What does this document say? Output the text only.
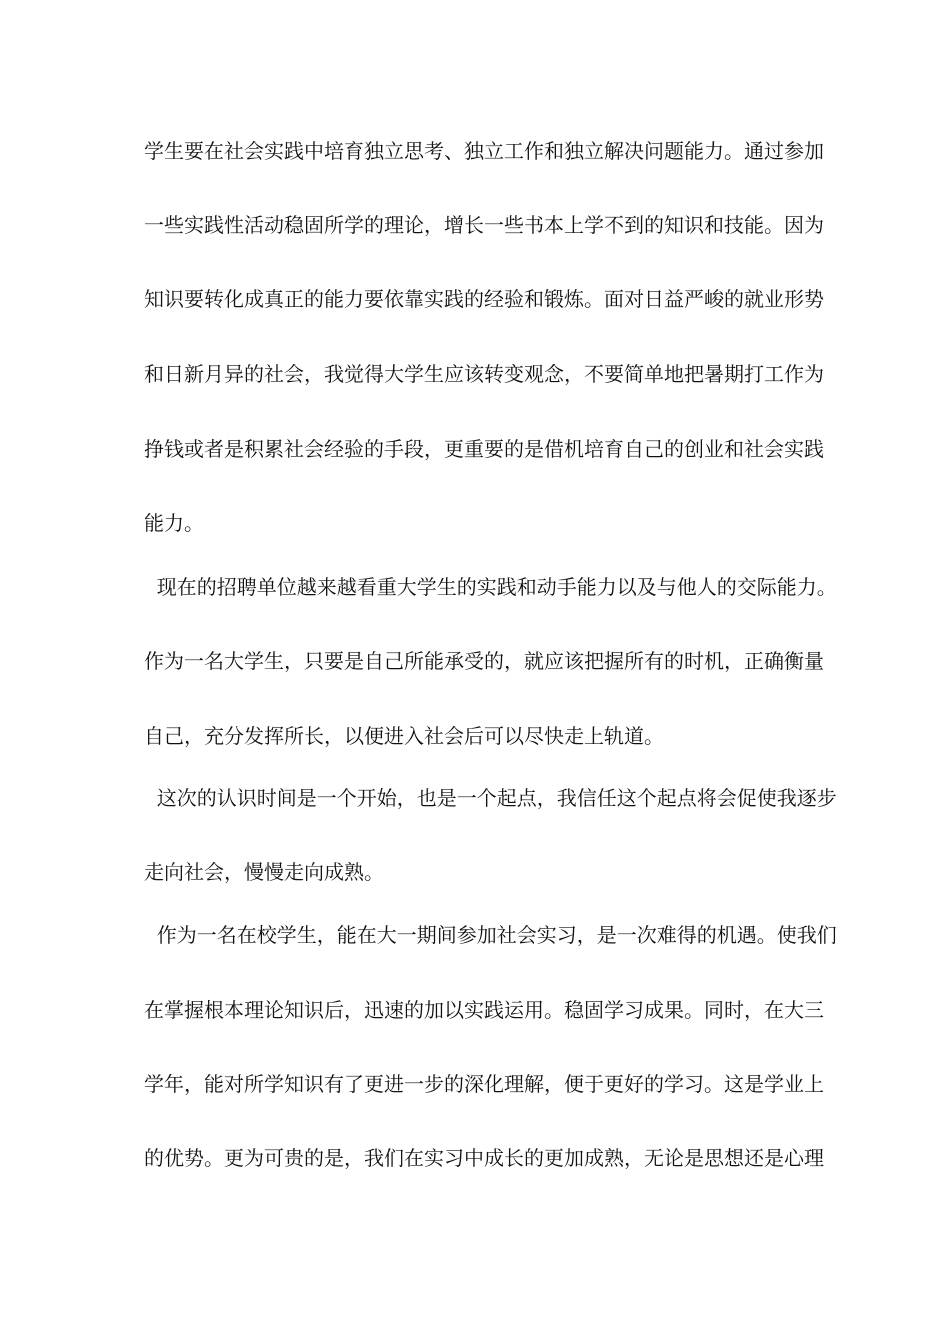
学生要在社会实践中培育独立思考、独立工作和独立解决问题能力。通过参加
一些实践性活动稳固所学的理论，增长一些书本上学不到的知识和技能。因为
知识要转化成真正的能力要依靠实践的经验和锻炼。面对日益严峻的就业形势
和日新月异的社会，我觉得大学生应该转变观念，不要简单地把暑期打工作为
挣钱或者是积累社会经验的手段，更重要的是借机培育自己的创业和社会实践
能力。
现在的招聘单位越来越看重大学生的实践和动手能力以及与他人的交际能力。
作为一名大学生，只要是自己所能承受的，就应该把握所有的时机，正确衡量
自己，充分发挥所长，以便进入社会后可以尽快走上轨道。
这次的认识时间是一个开始，也是一个起点，我信任这个起点将会促使我逐步
走向社会，慢慢走向成熟。
作为一名在校学生，能在大一期间参加社会实习，是一次难得的机遇。使我们
在掌握根本理论知识后，迅速的加以实践运用。稳固学习成果。同时，在大三
学年，能对所学知识有了更进一步的深化理解，便于更好的学习。这是学业上
的优势。更为可贵的是，我们在实习中成长的更加成熟，无论是思想还是心理
